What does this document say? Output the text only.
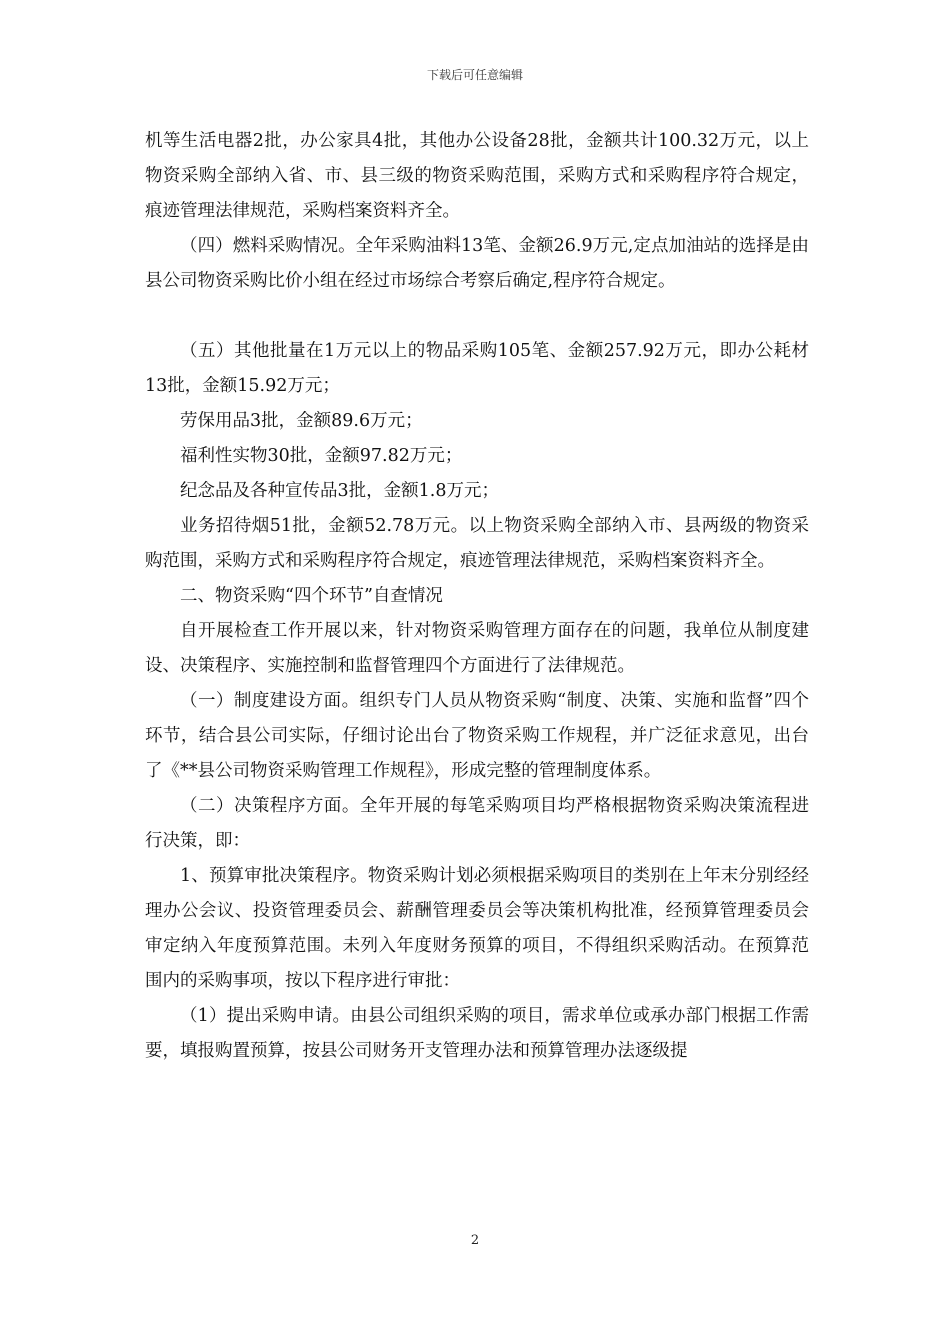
下载后可任意编辑

机等生活电器2批，办公家具4批，其他办公设备28批，金额共计100.32万元，以上物资采购全部纳入省、市、县三级的物资采购范围，采购方式和采购程序符合规定，痕迹管理法律规范，采购档案资料齐全。

（四）燃料采购情况。全年采购油料13笔、金额26.9万元,定点加油站的选择是由县公司物资采购比价小组在经过市场综合考察后确定,程序符合规定。

（五）其他批量在1万元以上的物品采购105笔、金额257.92万元，即办公耗材13批，金额15.92万元；

劳保用品3批，金额89.6万元；

福利性实物30批，金额97.82万元；

纪念品及各种宣传品3批，金额1.8万元；

业务招待烟51批，金额52.78万元。以上物资采购全部纳入市、县两级的物资采购范围，采购方式和采购程序符合规定，痕迹管理法律规范，采购档案资料齐全。

二、物资采购“四个环节”自查情况

自开展检查工作开展以来，针对物资采购管理方面存在的问题，我单位从制度建设、决策程序、实施控制和监督管理四个方面进行了法律规范。

（一）制度建设方面。组织专门人员从物资采购“制度、决策、实施和监督”四个环节，结合县公司实际，仔细讨论出台了物资采购工作规程，并广泛征求意见，出台了《**县公司物资采购管理工作规程》，形成完整的管理制度体系。

（二）决策程序方面。全年开展的每笔采购项目均严格根据物资采购决策流程进行决策，即：

1、预算审批决策程序。物资采购计划必须根据采购项目的类别在上年末分别经经理办公会议、投资管理委员会、薪酬管理委员会等决策机构批准，经预算管理委员会审定纳入年度预算范围。未列入年度财务预算的项目，不得组织采购活动。在预算范围内的采购事项，按以下程序进行审批：

（1）提出采购申请。由县公司组织采购的项目，需求单位或承办部门根据工作需要，填报购置预算，按县公司财务开支管理办法和预算管理办法逐级提

2
